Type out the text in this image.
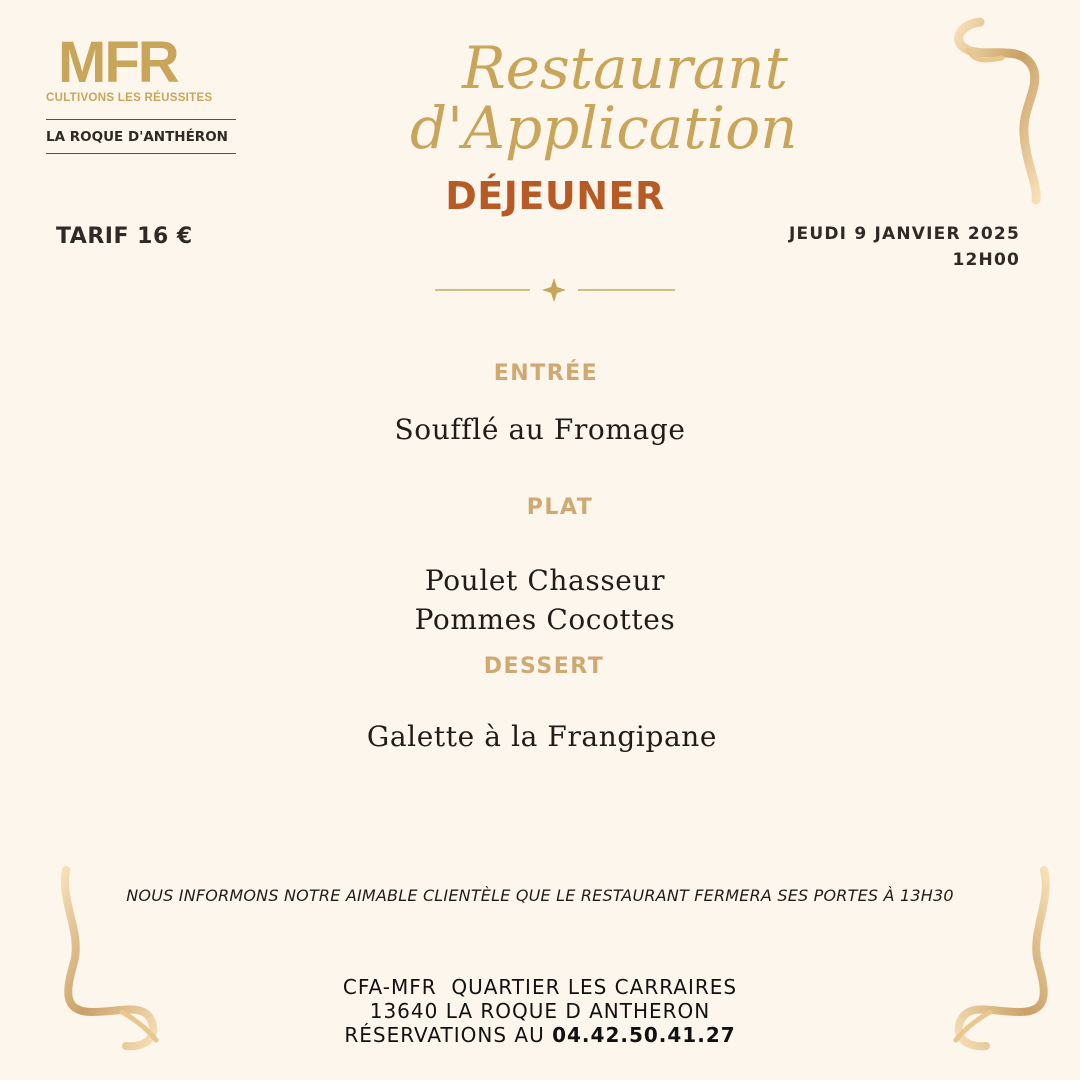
MFR
CULTIVONS LES RÉUSSITES
LA ROQUE D'ANTHÉRON
Restaurant
d'Application
DÉJEUNER
TARIF 16 €	JEUDI 9 JANVIER 2025
12H00
ENTRÉE
Soufflé au Fromage
PLAT
Poulet Chasseur
Pommes Cocottes
DESSERT
Galette à la Frangipane
NOUS INFORMONS NOTRE AIMABLE CLIENTÈLE QUE LE RESTAURANT FERMERA SES PORTES À 13H30
CFA-MFR  QUARTIER LES CARRAIRES
13640 LA ROQUE D ANTHERON
RÉSERVATIONS AU 04.42.50.41.27
